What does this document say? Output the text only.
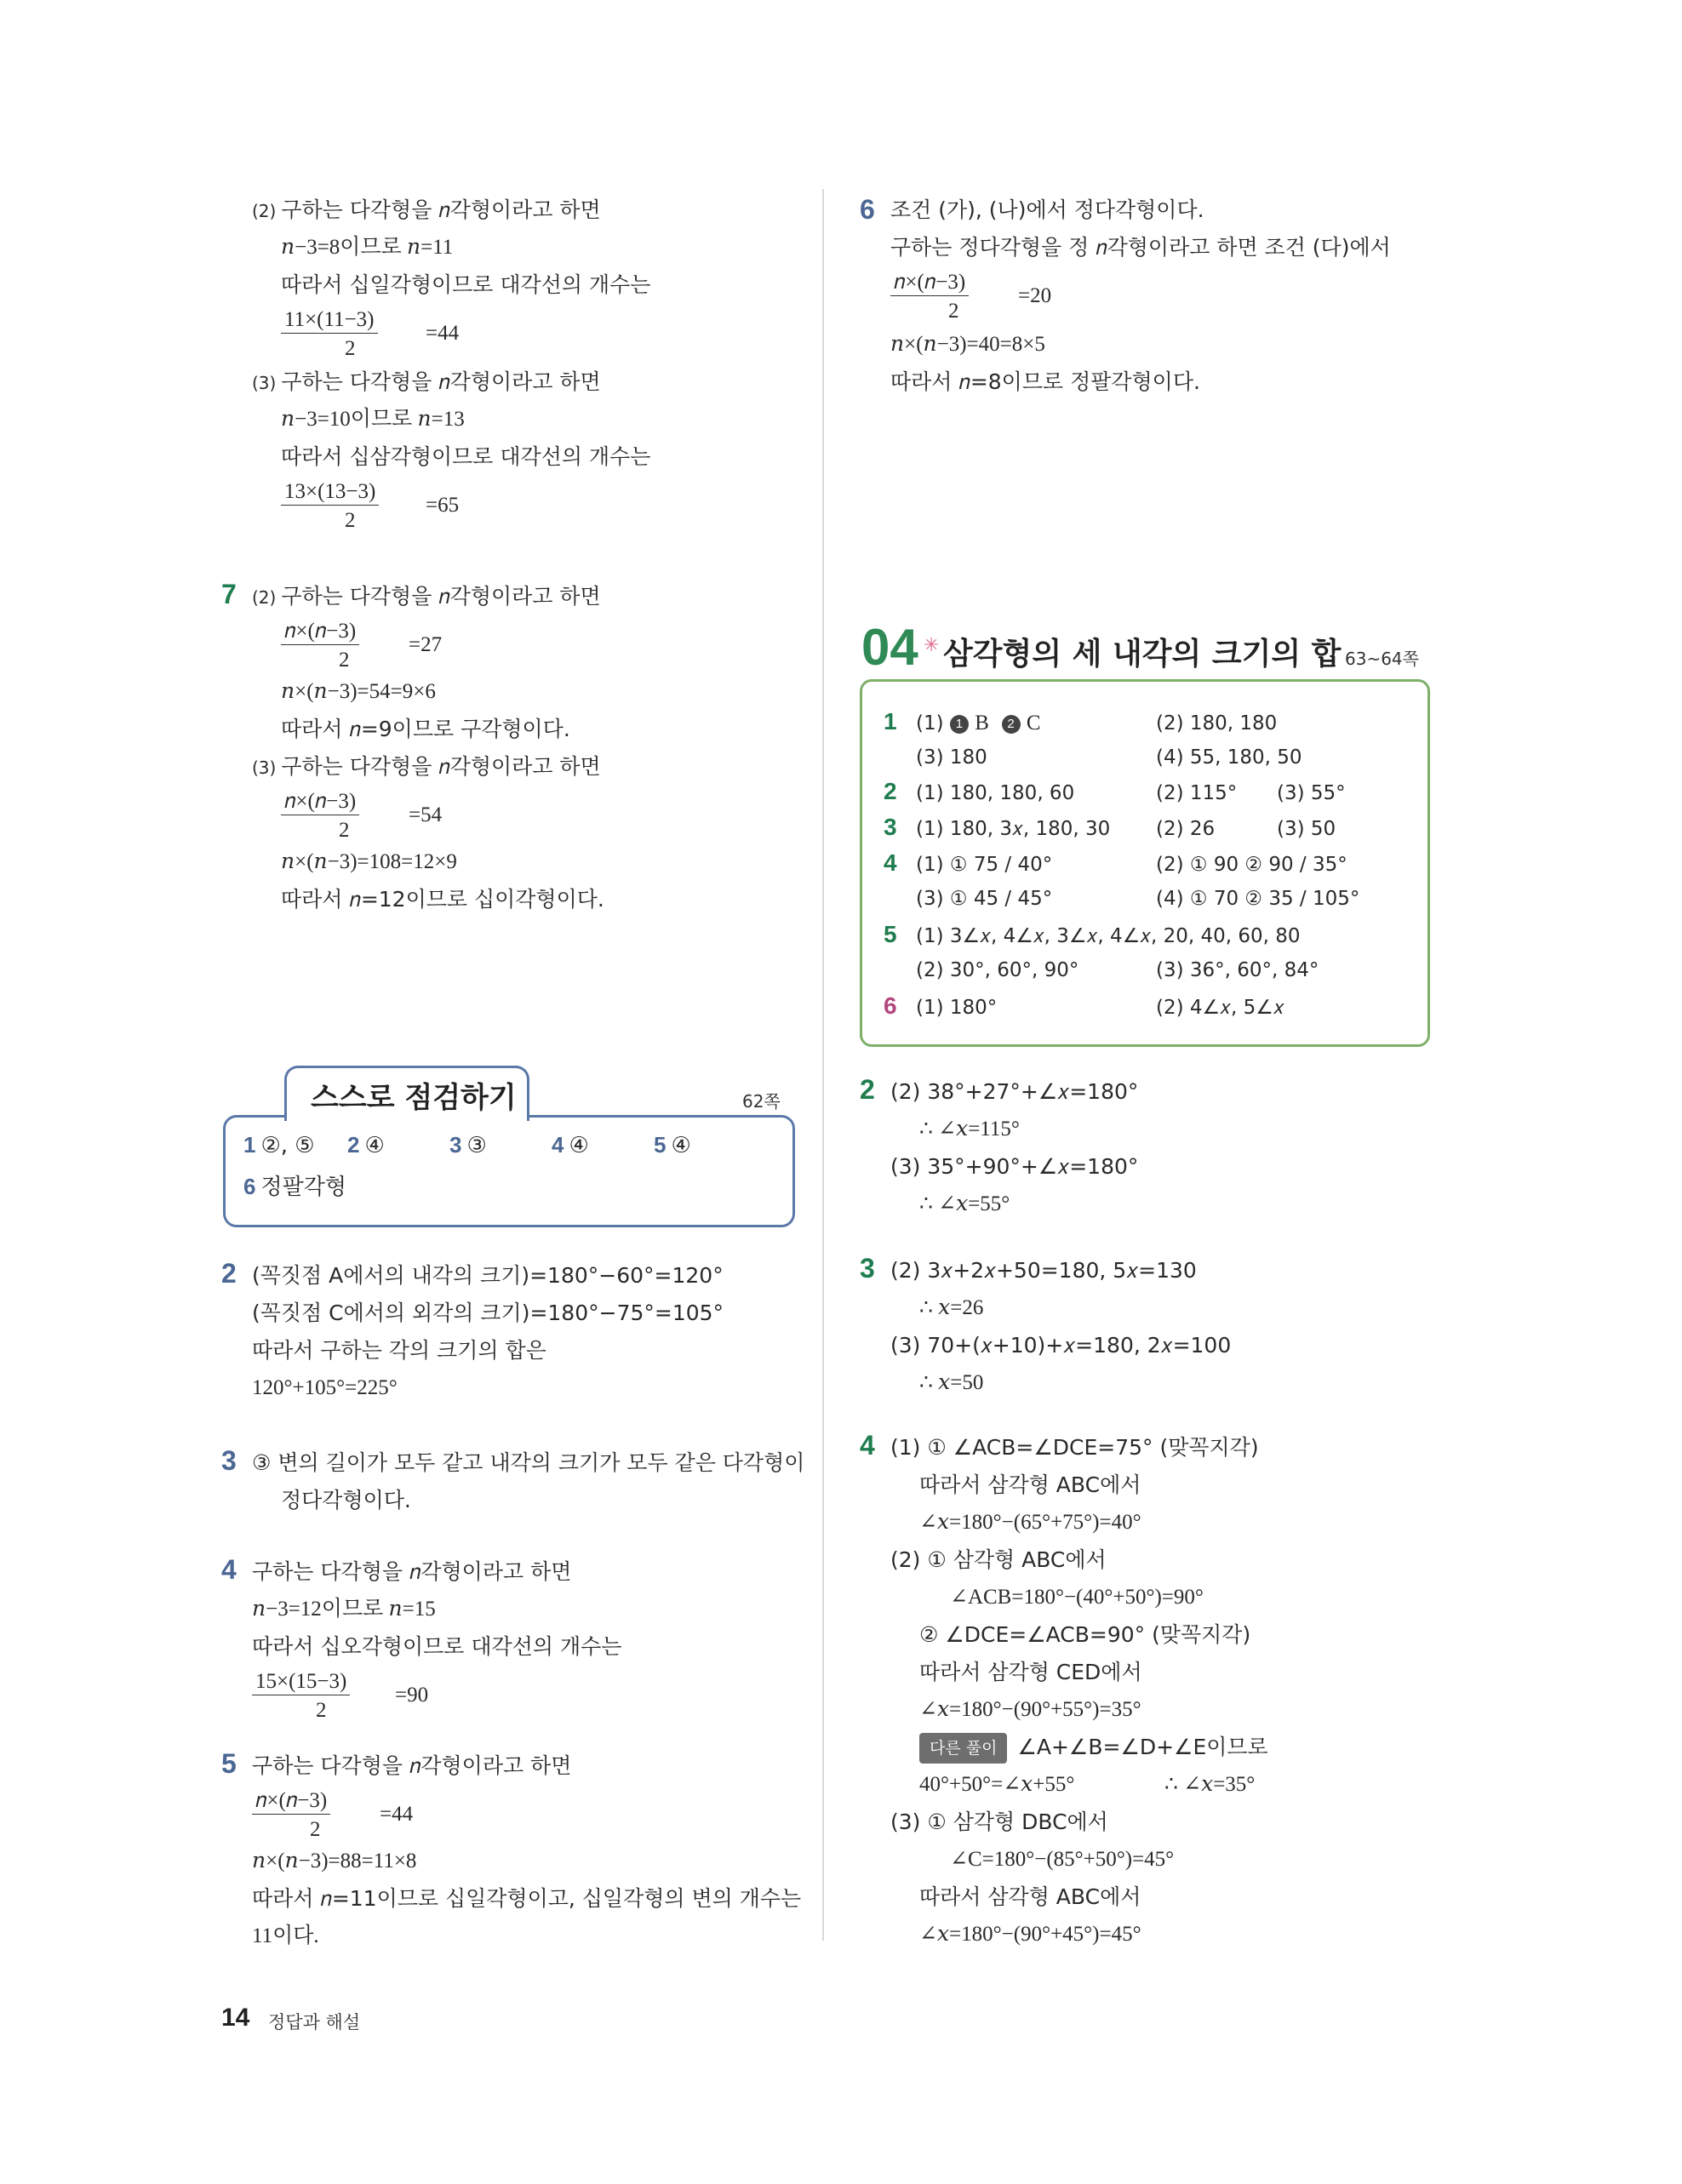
(2) 구하는 다각형을 𝑛각형이라고 하면
𝑛−3=8이므로 𝑛=11
따라서 십일각형이므로 대각선의 개수는
11×(11−3)
2
=44
(3) 구하는 다각형을 𝑛각형이라고 하면
𝑛−3=10이므로 𝑛=13
따라서 십삼각형이므로 대각선의 개수는
13×(13−3)
2
=65
7 (2) 구하는 다각형을 𝑛각형이라고 하면
𝑛×(𝑛−3)
2
=27
𝑛×(𝑛−3)=54=9×6
따라서 𝑛=9이므로 구각형이다.
(3) 구하는 다각형을 𝑛각형이라고 하면
𝑛×(𝑛−3)
2
=54
𝑛×(𝑛−3)=108=12×9
따라서 𝑛=12이므로 십이각형이다.
스스로 점검하기	62쪽
1 ②, ⑤ 2 ④	3 ③	4 ④	5 ④
6 정팔각형
2 (꼭짓점 A에서의 내각의 크기)=180°−60°=120°
(꼭짓점 C에서의 외각의 크기)=180°−75°=105°
따라서 구하는 각의 크기의 합은
120°+105°=225°
3 ③ 변의 길이가 모두 같고 내각의 크기가 모두 같은 다각형이
정다각형이다.
4 구하는 다각형을 𝑛각형이라고 하면
𝑛−3=12이므로 𝑛=15
따라서 십오각형이므로 대각선의 개수는
15×(15−3)
2
=90
5 구하는 다각형을 𝑛각형이라고 하면
𝑛×(𝑛−3)
2
=44
𝑛×(𝑛−3)=88=11×8
따라서 𝑛=11이므로 십일각형이고, 십일각형의 변의 개수는
11이다.
6 조건 (가), (나)에서 정다각형이다.
구하는 정다각형을 정 𝑛각형이라고 하면 조건 (다)에서
𝑛×(𝑛−3)
2
=20
𝑛×(𝑛−3)=40=8×5
따라서 𝑛=8이므로 정팔각형이다.
04 ✳ 삼각형의 세 내각의 크기의 합 63~64쪽
1 (1) 1 B 2 C	(2) 180, 180
(3) 180	(4) 55, 180, 50
2 (1) 180, 180, 60	(2) 115° (3) 55°
3 (1) 180, 3𝑥, 180, 30 (2) 26	(3) 50
4 (1) ① 75 / 40°	(2) ① 90 ② 90 / 35°
(3) ① 45 / 45°	(4) ① 70 ② 35 / 105°
5 (1) 3∠𝑥, 4∠𝑥, 3∠𝑥, 4∠𝑥, 20, 40, 60, 80
(2) 30°, 60°, 90°	(3) 36°, 60°, 84°
6 (1) 180°	(2) 4∠𝑥, 5∠𝑥
2 (2) 38°+27°+∠𝑥=180°
∴ ∠𝑥=115°
(3) 35°+90°+∠𝑥=180°
∴ ∠𝑥=55°
3 (2) 3𝑥+2𝑥+50=180, 5𝑥=130
∴ 𝑥=26
(3) 70+(𝑥+10)+𝑥=180, 2𝑥=100
∴ 𝑥=50
4 (1) ① ∠ACB=∠DCE=75° (맞꼭지각)
따라서 삼각형 ABC에서
∠𝑥=180°−(65°+75°)=40°
(2) ① 삼각형 ABC에서
∠ACB=180°−(40°+50°)=90°
② ∠DCE=∠ACB=90° (맞꼭지각)
따라서 삼각형 CED에서
∠𝑥=180°−(90°+55°)=35°
다른 풀이 ∠A+∠B=∠D+∠E이므로
40°+50°=∠𝑥+55°	∴ ∠𝑥=35°
(3) ① 삼각형 DBC에서
∠C=180°−(85°+50°)=45°
따라서 삼각형 ABC에서
∠𝑥=180°−(90°+45°)=45°
14 정답과 해설
